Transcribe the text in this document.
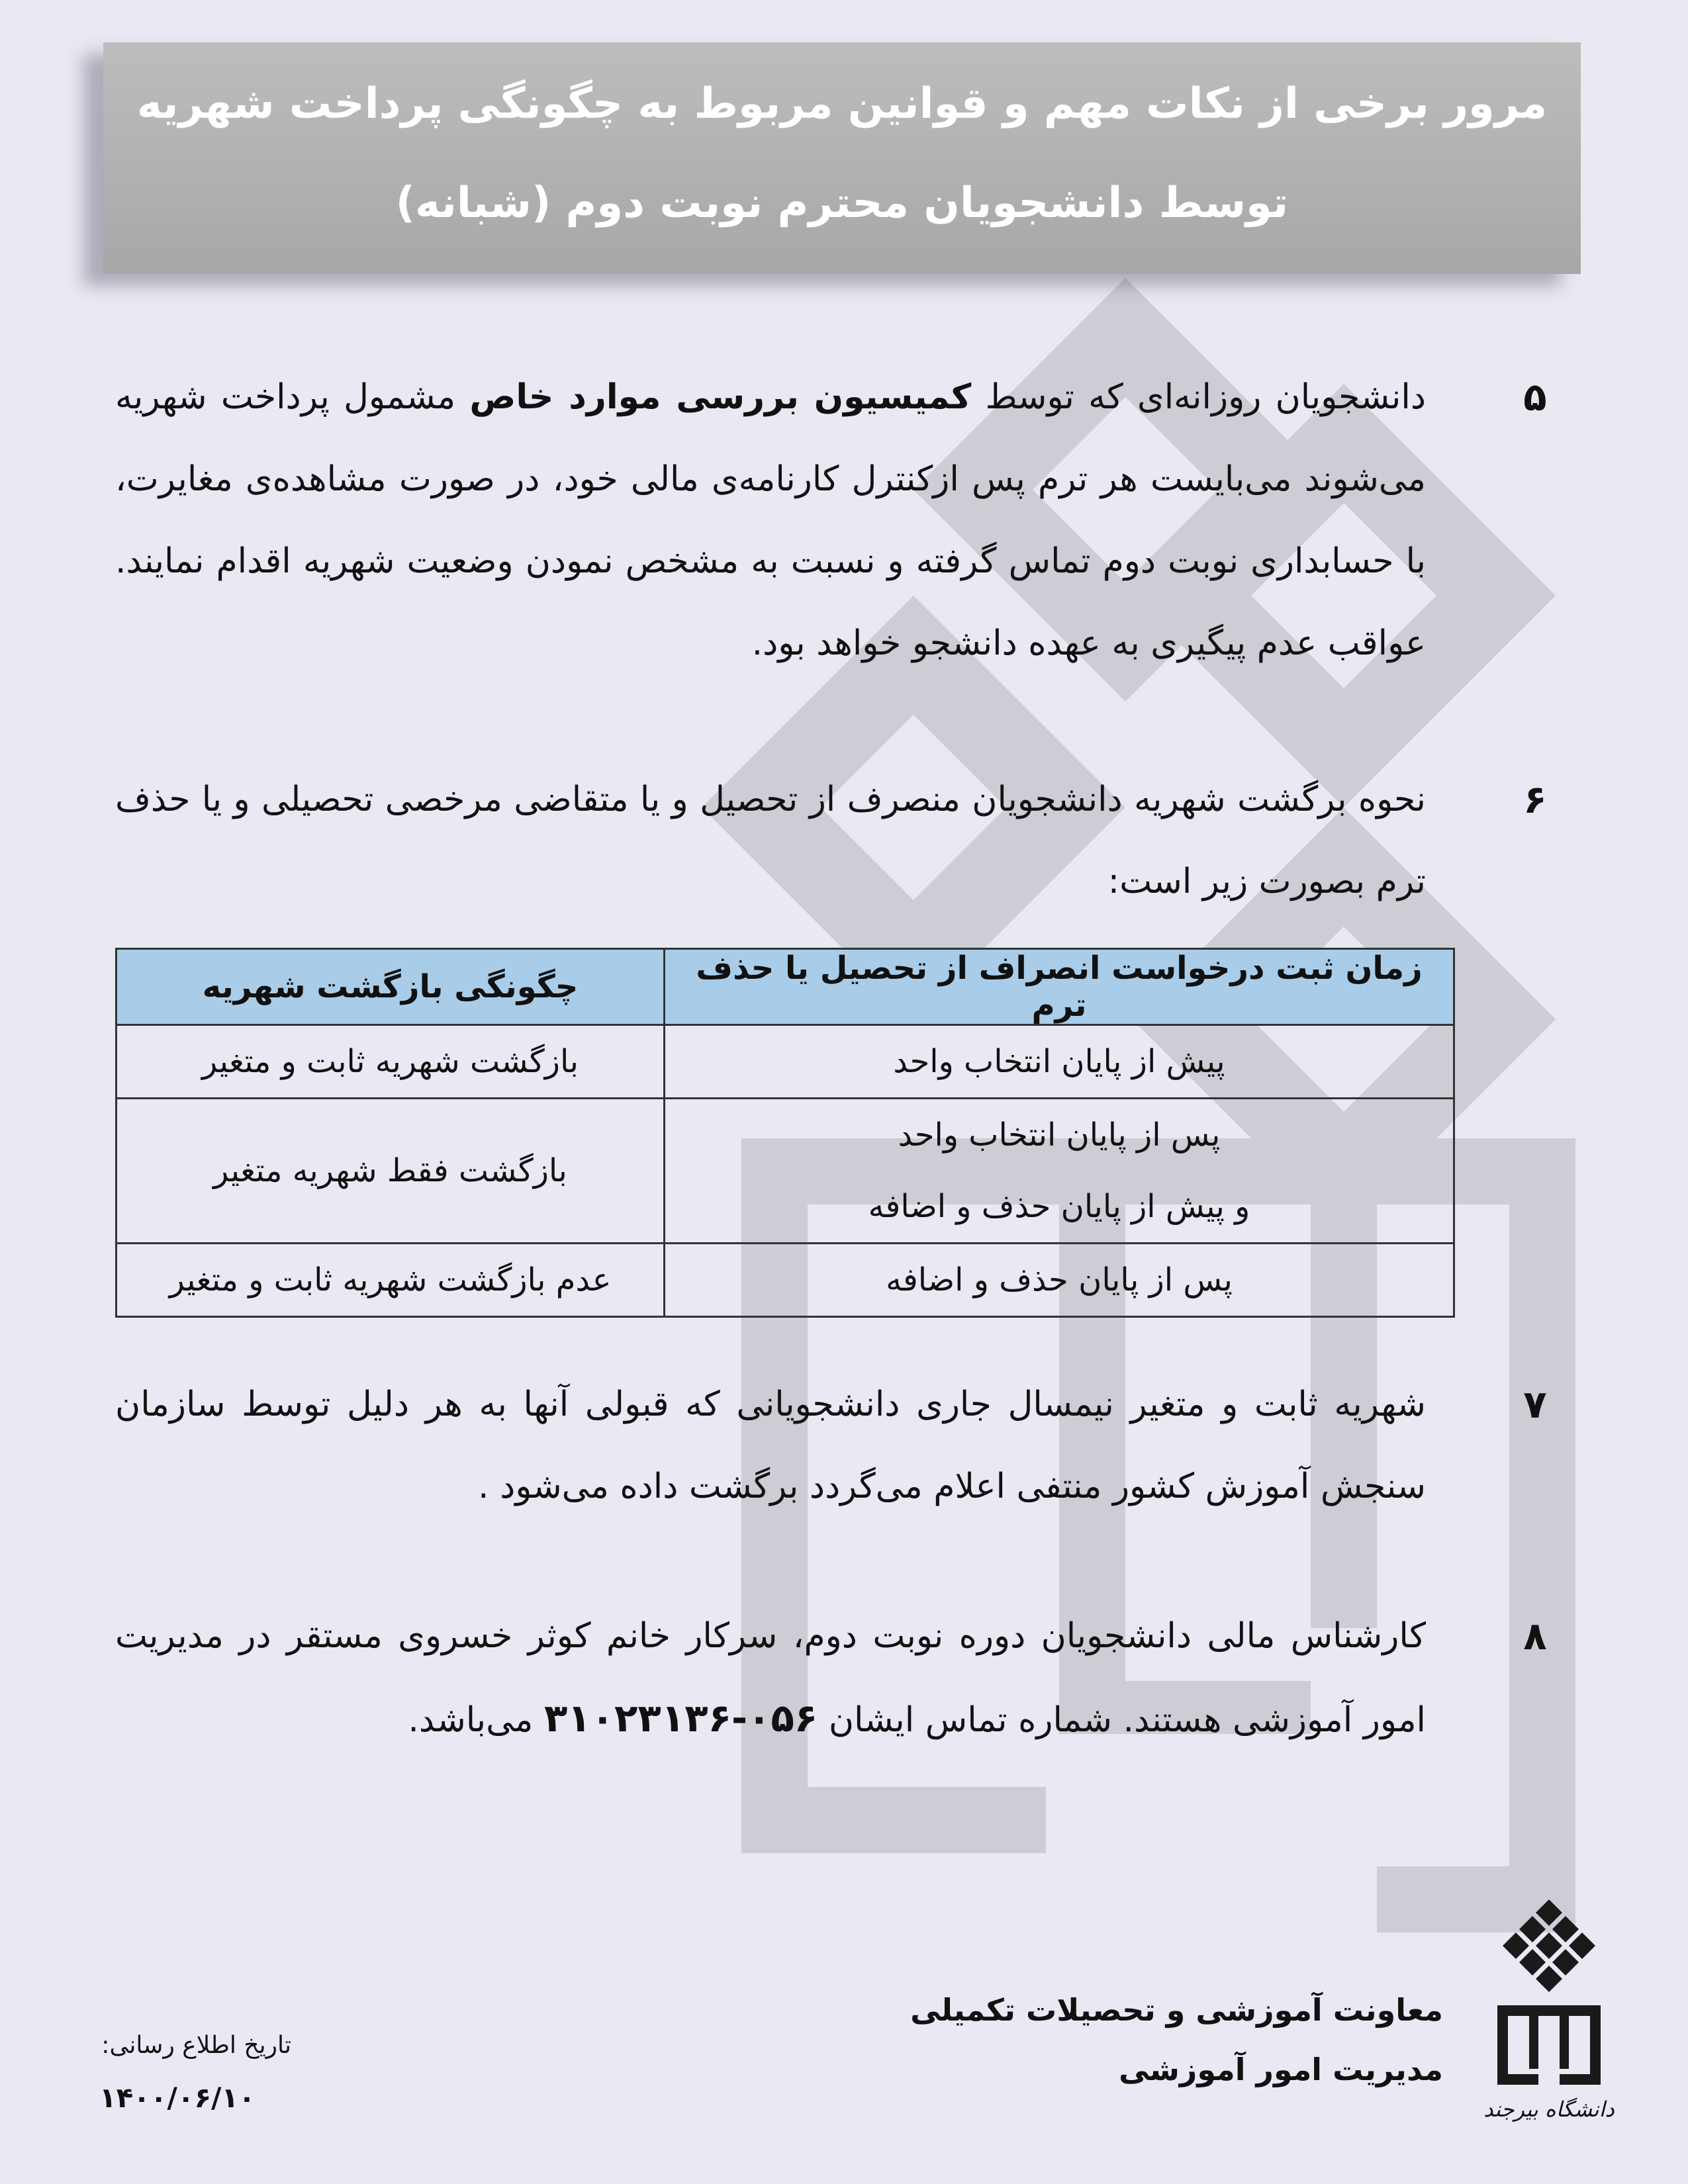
مرور برخی از نکات مهم و قوانین مربوط به چگونگی پرداخت شهریه
توسط دانشجویان محترم نوبت دوم (شبانه)
۵
دانشجویان روزانه‌ای که توسط کمیسیون بررسی موارد خاص مشمول پرداخت شهریه می‌شوند می‌بایست هر ترم پس ازکنترل کارنامه‌ی مالی خود، در صورت مشاهده‌ی مغایرت، با حسابداری نوبت دوم تماس گرفته و نسبت به مشخص نمودن وضعیت شهریه اقدام نمایند. عواقب عدم پیگیری به عهده دانشجو خواهد بود.
۶
نحوه برگشت شهریه دانشجویان منصرف از تحصیل و یا متقاضی مرخصی تحصیلی و یا حذف ترم بصورت زیر است:
زمان ثبت درخواست انصراف از تحصیل یا حذف ترم	چگونگی بازگشت شهریه
پیش از پایان انتخاب واحد	بازگشت شهریه ثابت و متغیر

پس از پایان انتخاب واحد
و پیش از پایان حذف و اضافه	بازگشت فقط شهریه متغیر
پس از پایان حذف و اضافه	عدم بازگشت شهریه ثابت و متغیر
۷
شهریه ثابت و متغیر نیمسال جاری دانشجویانی که قبولی آنها به هر دلیل توسط سازمان سنجش آموزش کشور منتفی اعلام می‌گردد برگشت داده می‌شود .
۸
کارشناس مالی دانشجویان دوره نوبت دوم، سرکار خانم کوثر خسروی مستقر در مدیریت امور آموزشی هستند. شماره تماس ایشان ۰۵۶-۳۱۰۲۳۱۳۶ می‌باشد.
تاریخ اطلاع رسانی:
۱۴۰۰/۰۶/۱۰
معاونت آموزشی و تحصیلات تکمیلی
مدیریت امور آموزشی
دانشگاه بیرجند
